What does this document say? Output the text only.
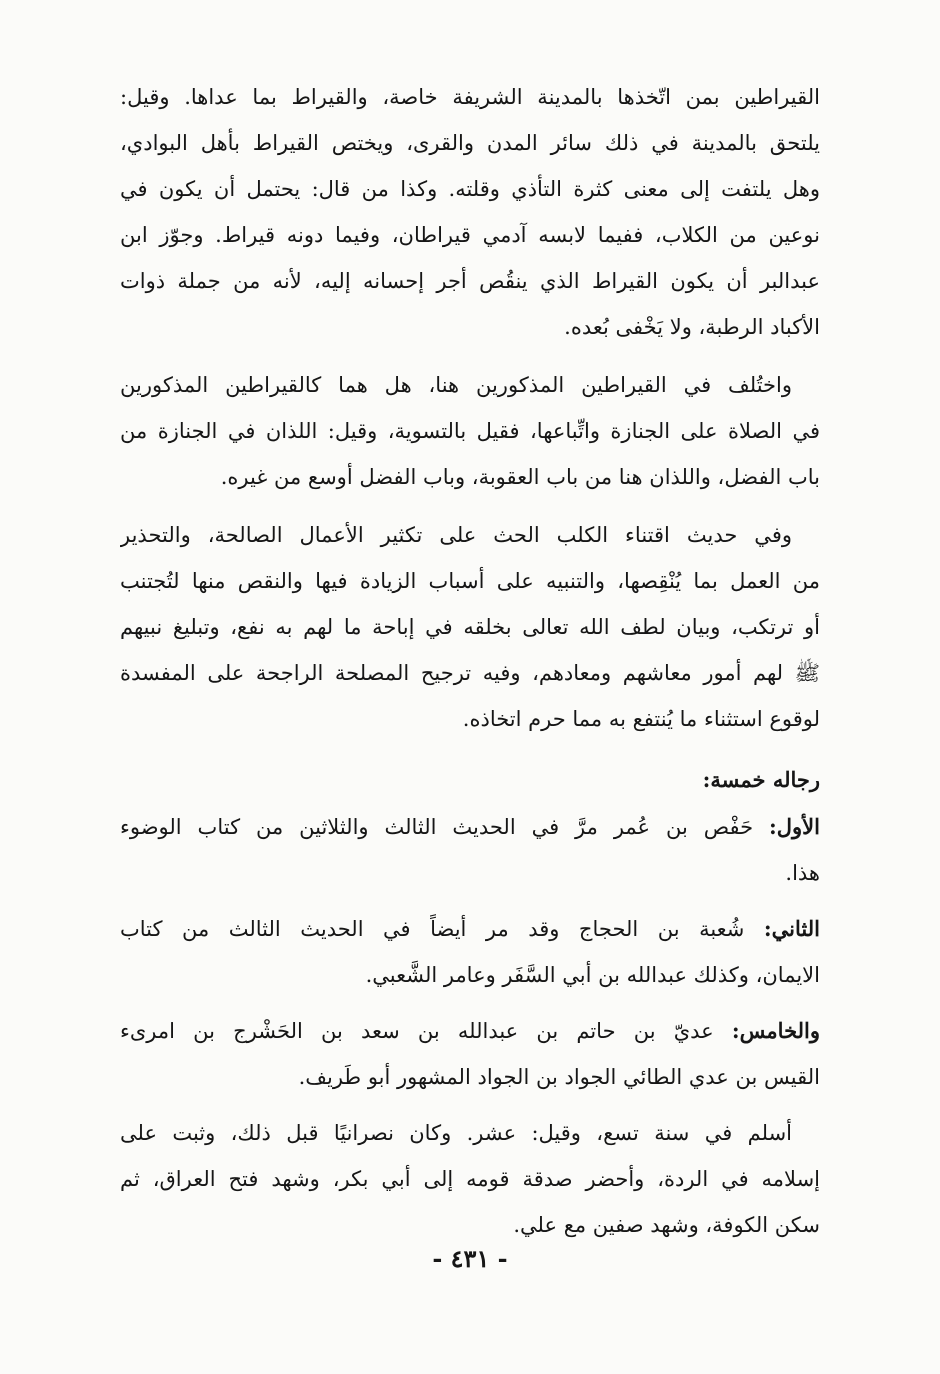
القيراطين بمن اتّخذها بالمدينة الشريفة خاصة، والقيراط بما عداها. وقيل:
يلتحق بالمدينة في ذلك سائر المدن والقرى، ويختص القيراط بأهل البوادي،
وهل يلتفت إلى معنى كثرة التأذي وقلته. وكذا من قال: يحتمل أن يكون في
نوعين من الكلاب، ففيما لابسه آدمي قيراطان، وفيما دونه قيراط. وجوّز ابن
عبدالبر أن يكون القيراط الذي ينقُص أجر إحسانه إليه، لأنه من جملة ذوات
الأكباد الرطبة، ولا يَخْفى بُعده.
واختُلف في القيراطين المذكورين هنا، هل هما كالقيراطين المذكورين
في الصلاة على الجنازة واتِّباعها، فقيل بالتسوية، وقيل: اللذان في الجنازة من
باب الفضل، واللذان هنا من باب العقوبة، وباب الفضل أوسع من غيره.
وفي حديث اقتناء الكلب الحث على تكثير الأعمال الصالحة، والتحذير
من العمل بما يُنْقِصها، والتنبيه على أسباب الزيادة فيها والنقص منها لتُجتنب
أو ترتكب، وبيان لطف الله تعالى بخلقه في إباحة ما لهم به نفع، وتبليغ نبيهم
ﷺ لهم أمور معاشهم ومعادهم، وفيه ترجيح المصلحة الراجحة على المفسدة
لوقوع استثناء ما يُنتفع به مما حرم اتخاذه.
رجاله خمسة:
الأول: حَفْص بن عُمر مرَّ في الحديث الثالث والثلاثين من كتاب الوضوء
هذا.
الثاني: شُعبة بن الحجاج وقد مر أيضاً في الحديث الثالث من كتاب
الايمان، وكذلك عبدالله بن أبي السَّفَر وعامر الشَّعبي.
والخامس: عديّ بن حاتم بن عبدالله بن سعد بن الحَشْرج بن امرىء
القيس بن عدي الطائي الجواد بن الجواد المشهور أبو طَريف.
أسلم في سنة تسع، وقيل: عشر. وكان نصرانيًا قبل ذلك، وثبت على
إسلامه في الردة، وأحضر صدقة قومه إلى أبي بكر، وشهد فتح العراق، ثم
سكن الكوفة، وشهد صفين مع علي.
- ٤٣١ -
